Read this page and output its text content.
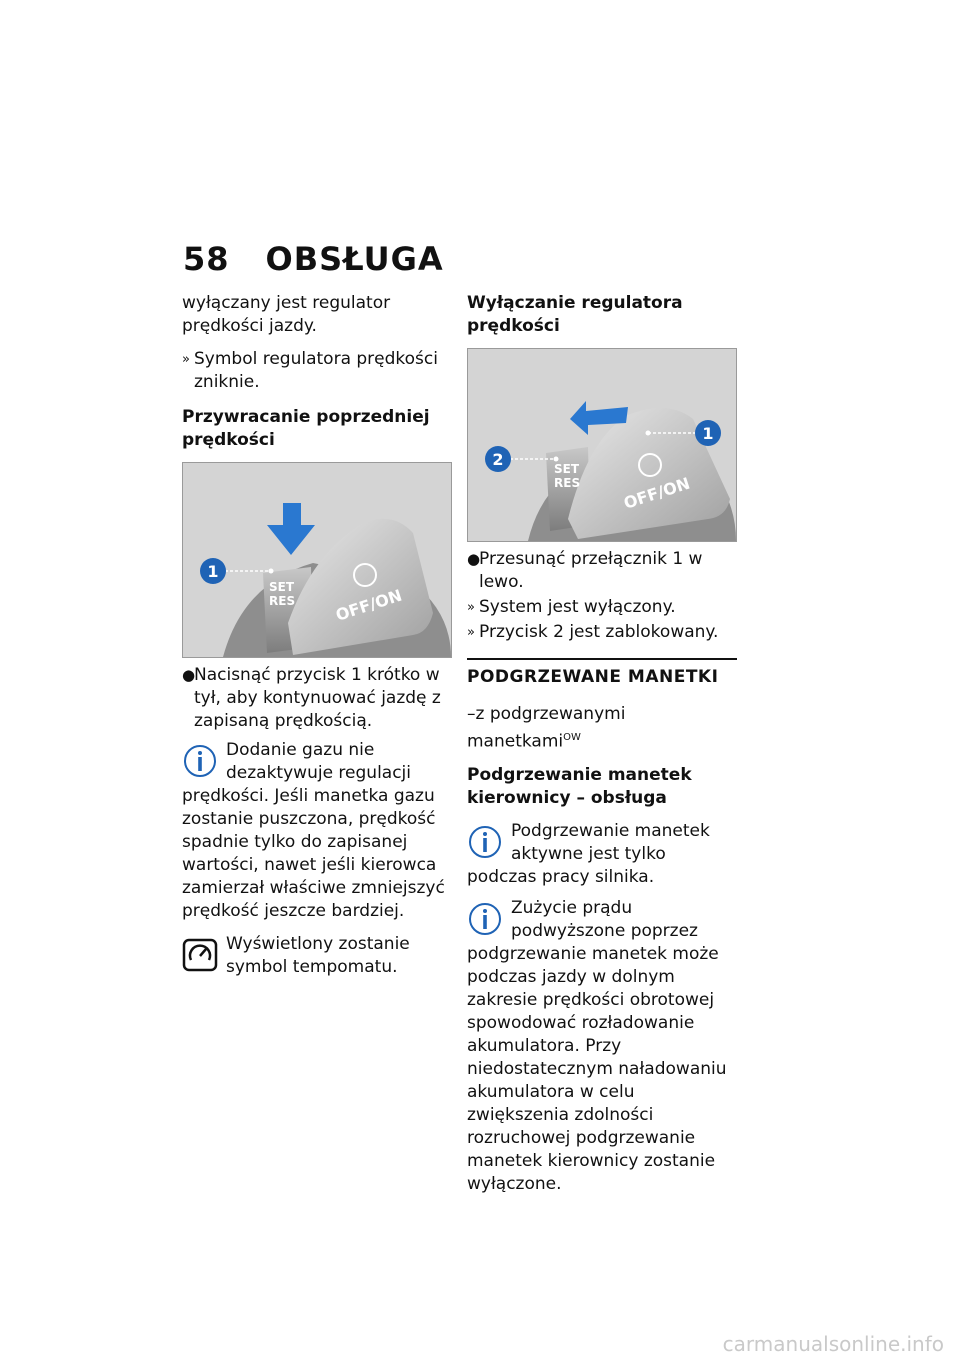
58 OBSŁUGA

wyłączany jest regulator prędkości jazdy.

» Symbol regulatora prędkości zniknie.

Przywracanie poprzedniej prędkości

SET
RES OFF/ON
1
●
Nacisnąć przycisk 1 krótko w tył, aby kontynuować jazdę z zapisaną prędkością.
Dodanie gazu nie dezaktywuje regulacji prędkości. Jeśli manetka gazu zostanie puszczona, prędkość spadnie tylko do zapisanej wartości, nawet jeśli kierowca zamierzał właściwe zmniejszyć prędkość jeszcze bardziej.
Wyświetlony zostanie symbol tempomatu.

Wyłączanie regulatora prędkości

SET
RES	OFF/ON
1
2
●
Przesunąć przełącznik 1 w lewo.
» System jest wyłączony.
» Przycisk 2 jest zablokowany.

PODGRZEWANE MANETKI

–z podgrzewanymi manetkami$^{OW}$

Podgrzewanie manetek kierownicy – obsługa

Podgrzewanie manetek aktywne jest tylko podczas pracy silnika.
Zużycie prądu podwyższone poprzez podgrzewanie manetek może podczas jazdy w dolnym zakresie prędkości obrotowej spowodować rozładowanie akumulatora. Przy niedostatecznym naładowaniu akumulatora w celu zwiększenia zdolności rozruchowej podgrzewanie manetek kierownicy zostanie wyłączone.
carmanualsonline.info
